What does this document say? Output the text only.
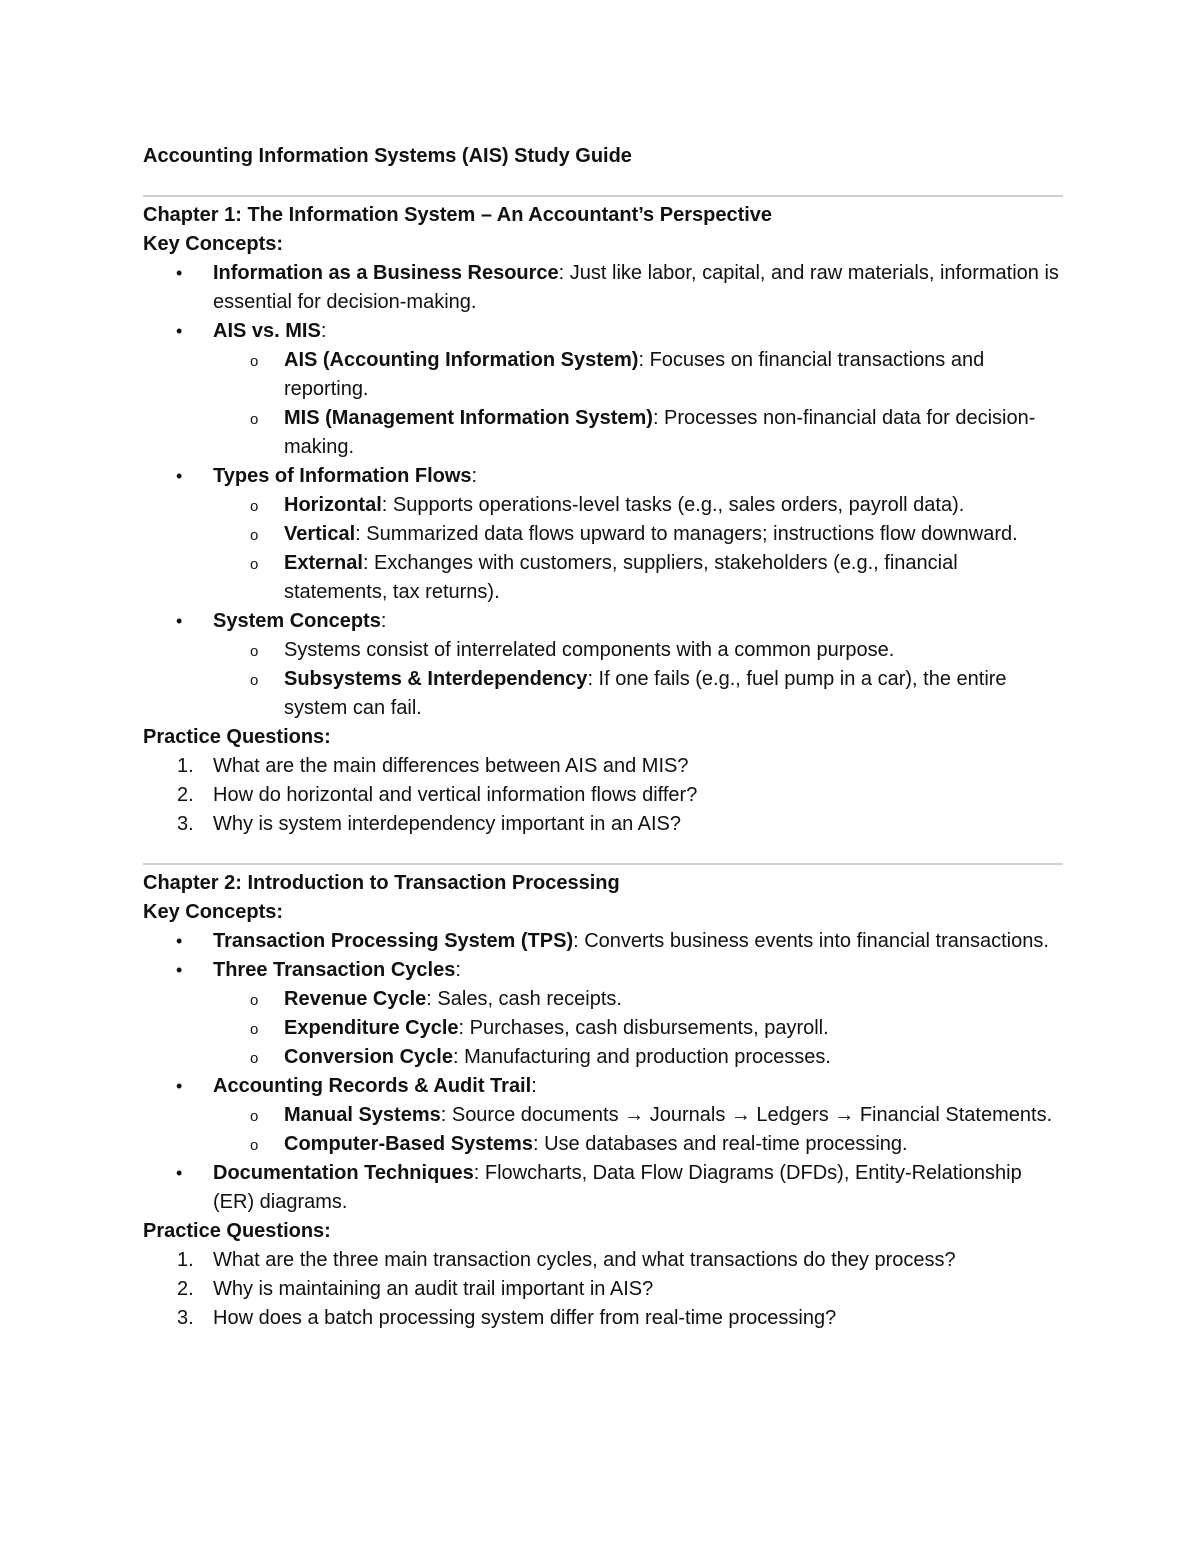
Accounting Information Systems (AIS) Study Guide

Chapter 1: The Information System – An Accountant’s Perspective

Key Concepts:

• Information as a Business Resource: Just like labor, capital, and raw materials, information is essential for decision-making.
• AIS vs. MIS:
o AIS (Accounting Information System): Focuses on financial transactions and reporting.
o MIS (Management Information System): Processes non-financial data for decision-making.
• Types of Information Flows:
o Horizontal: Supports operations-level tasks (e.g., sales orders, payroll data).
o Vertical: Summarized data flows upward to managers; instructions flow downward.
o External: Exchanges with customers, suppliers, stakeholders (e.g., financial statements, tax returns).
• System Concepts:
o Systems consist of interrelated components with a common purpose.
o Subsystems & Interdependency: If one fails (e.g., fuel pump in a car), the entire system can fail.

Practice Questions:

1. What are the main differences between AIS and MIS?
2. How do horizontal and vertical information flows differ?
3. Why is system interdependency important in an AIS?

Chapter 2: Introduction to Transaction Processing

Key Concepts:

• Transaction Processing System (TPS): Converts business events into financial transactions.
• Three Transaction Cycles:
o Revenue Cycle: Sales, cash receipts.
o Expenditure Cycle: Purchases, cash disbursements, payroll.
o Conversion Cycle: Manufacturing and production processes.
• Accounting Records & Audit Trail:
o Manual Systems: Source documents → Journals → Ledgers → Financial Statements.
o Computer-Based Systems: Use databases and real-time processing.
• Documentation Techniques: Flowcharts, Data Flow Diagrams (DFDs), Entity-Relationship (ER) diagrams.

Practice Questions:

1. What are the three main transaction cycles, and what transactions do they process?
2. Why is maintaining an audit trail important in AIS?
3. How does a batch processing system differ from real-time processing?
